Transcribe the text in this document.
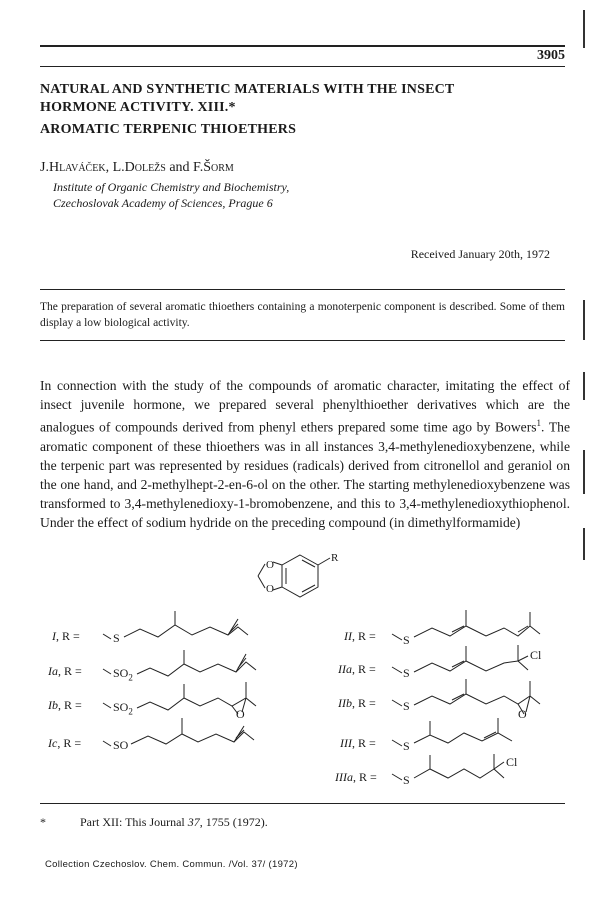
3905
NATURAL AND SYNTHETIC MATERIALS WITH THE INSECT
HORMONE ACTIVITY. XIII.*
AROMATIC TERPENIC THIOETHERS
J.Hlaváček, L.Doležs and F.Šorm
Institute of Organic Chemistry and Biochemistry,
Czechoslovak Academy of Sciences, Prague 6
Received January 20th, 1972
The preparation of several aromatic thioethers containing a monoterpenic component is described. Some of them display a low biological activity.

In connection with the study of the compounds of aromatic character, imitating the effect of insect juvenile hormone, we prepared several phenylthioether derivatives which are the analogues of compounds derived from phenyl ethers prepared some time ago by Bowers$^1$. The aromatic component of these thioethers was in all instances 3,4-methylenedioxybenzene, while the terpenic part was represented by residues (radicals) derived from citronellol and geraniol on the one hand, and 2-methylhept-2-en-6-ol on the other. The starting methylenedioxybenzene was transformed to 3,4-methylenedioxy-1-bromobenzene, and this to 3,4-methylenedioxythiophenol. Under the effect of sodium hydride on the preceding compound (in dimethylformamide)

O
O
R
I, R =	S
Ia, R =	$SO_2$
Ib, R =	$SO_2$	O
Ic, R =	SO
II, R = S
IIa, R = S
Cl
IIb, R = S
O
III, R = S
IIIa, R = S
Cl
*	Part XII: This Journal 37, 1755 (1972).
Collection Czechoslov. Chem. Commun. /Vol. 37/ (1972)
